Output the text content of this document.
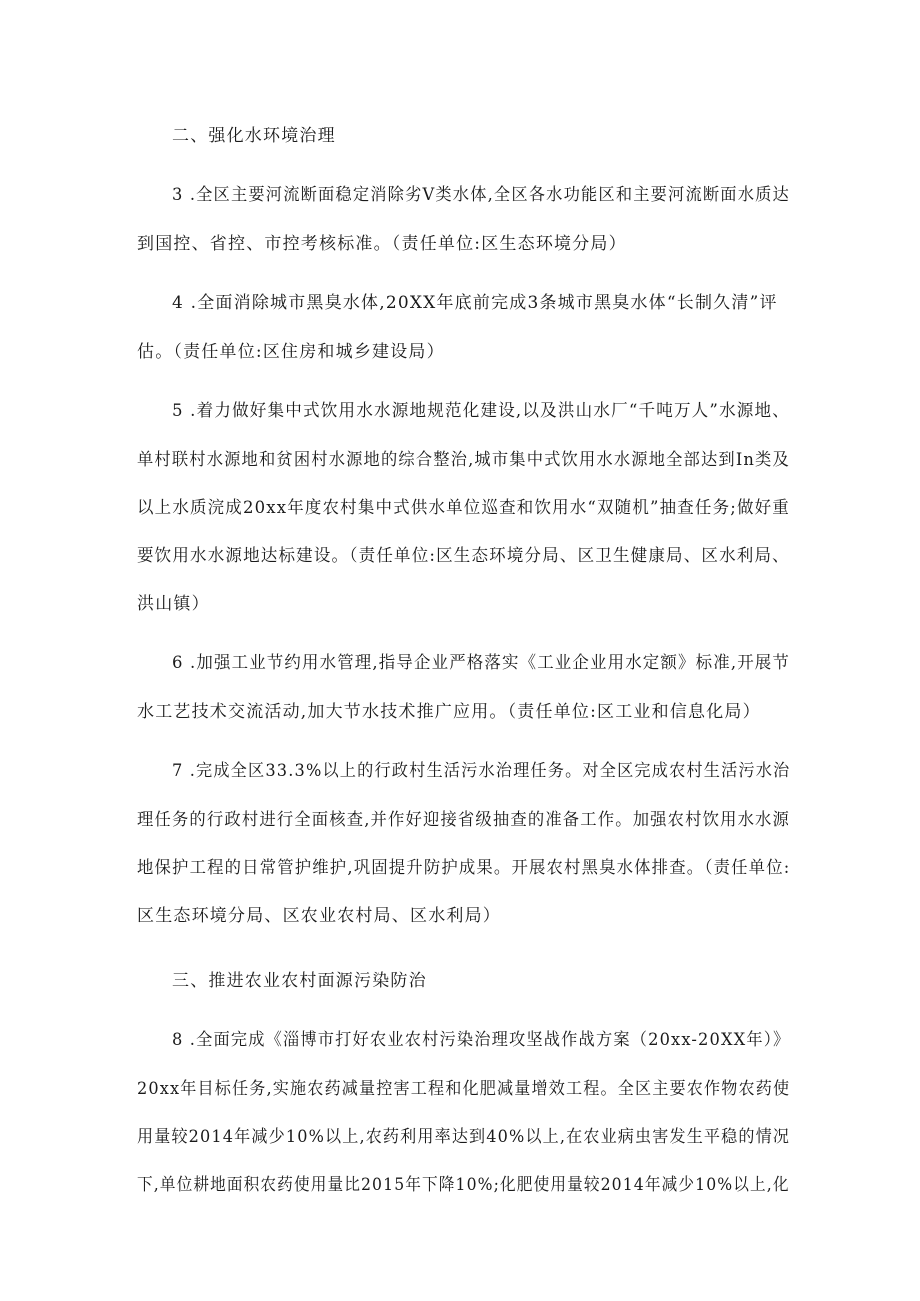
二、强化水环境治理
3 .全区主要河流断面稳定消除劣Ⅴ类水体,全区各水功能区和主要河流断面水质达
到国控、省控、市控考核标准。（责任单位:区生态环境分局）
4 .全面消除城市黑臭水体,20XX年底前完成3条城市黑臭水体“长制久清”评
估。（责任单位:区住房和城乡建设局）
5 .着力做好集中式饮用水水源地规范化建设,以及洪山水厂“千吨万人”水源地、
单村联村水源地和贫困村水源地的综合整治,城市集中式饮用水水源地全部达到In类及
以上水质浣成20xx年度农村集中式供水单位巡查和饮用水“双随机”抽查任务;做好重
要饮用水水源地达标建设。（责任单位:区生态环境分局、区卫生健康局、区水利局、
洪山镇）
6 .加强工业节约用水管理,指导企业严格落实《工业企业用水定额》标准,开展节
水工艺技术交流活动,加大节水技术推广应用。（责任单位:区工业和信息化局）
7 .完成全区33.3%以上的行政村生活污水治理任务。对全区完成农村生活污水治
理任务的行政村进行全面核查,并作好迎接省级抽查的准备工作。加强农村饮用水水源
地保护工程的日常管护维护,巩固提升防护成果。开展农村黑臭水体排查。（责任单位:
区生态环境分局、区农业农村局、区水利局）
三、推进农业农村面源污染防治
8 .全面完成《淄博市打好农业农村污染治理攻坚战作战方案（20xx-20XX年）》
20xx年目标任务,实施农药减量控害工程和化肥减量增效工程。全区主要农作物农药使
用量较2014年减少10%以上,农药利用率达到40%以上,在农业病虫害发生平稳的情况
下,单位耕地面积农药使用量比2015年下降10%;化肥使用量较2014年减少10%以上,化
